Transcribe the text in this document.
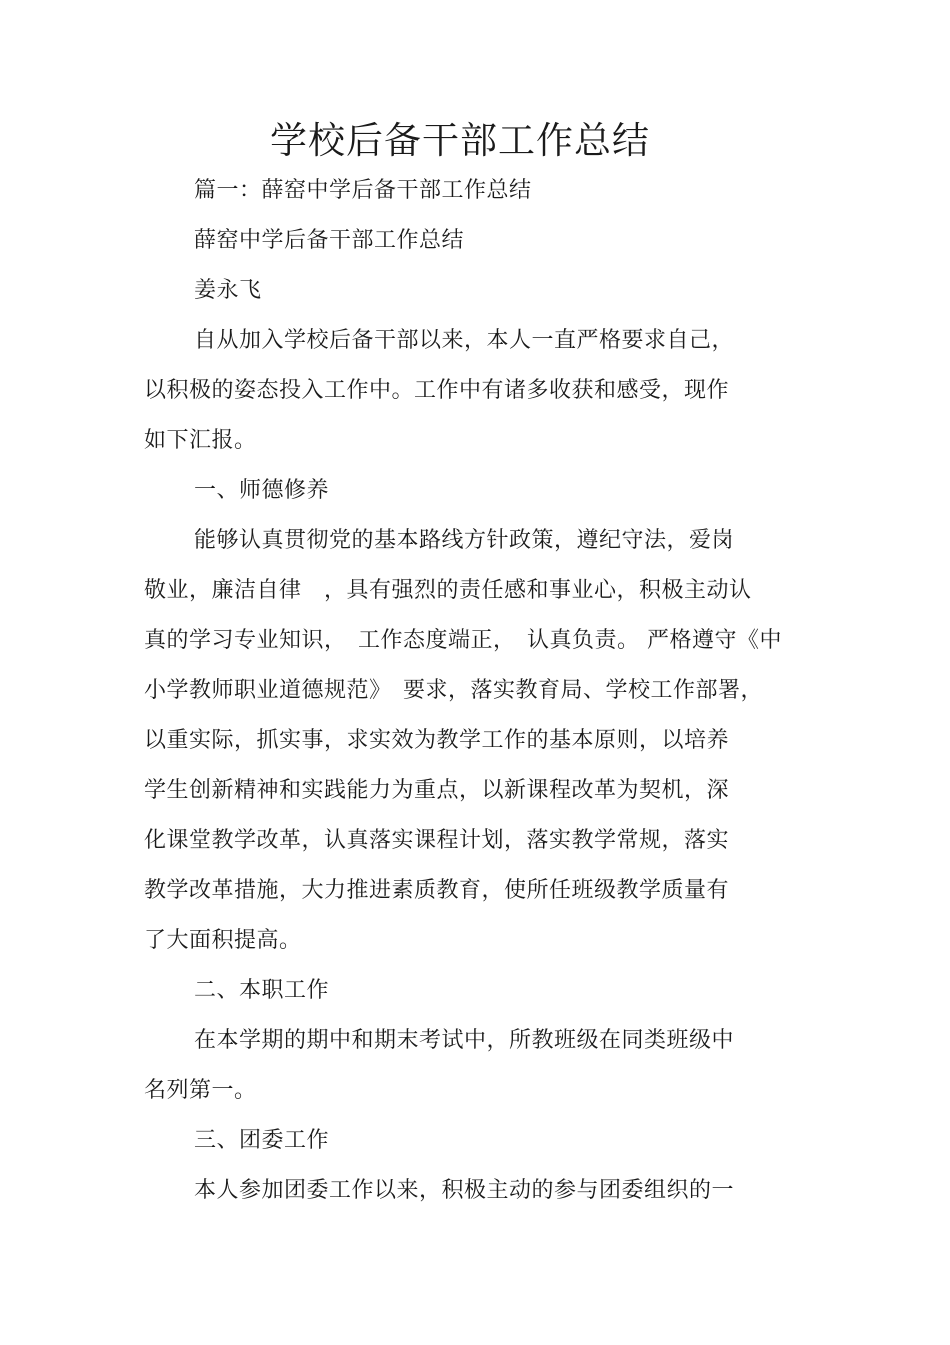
学校后备干部工作总结
篇一：薛窑中学后备干部工作总结
薛窑中学后备干部工作总结
姜永飞
自从加入学校后备干部以来，本人一直严格要求自己，
以积极的姿态投入工作中。工作中有诸多收获和感受，现作
如下汇报。
一、师德修养
能够认真贯彻党的基本路线方针政策，遵纪守法，爱岗
敬业，廉洁自律　，具有强烈的责任感和事业心，积极主动认
真的学习专业知识，　工作态度端正，　认真负责。 严格遵守《中
小学教师职业道德规范》　要求，落实教育局、学校工作部署，
以重实际，抓实事，求实效为教学工作的基本原则，以培养
学生创新精神和实践能力为重点，以新课程改革为契机，深
化课堂教学改革，认真落实课程计划，落实教学常规，落实
教学改革措施，大力推进素质教育，使所任班级教学质量有
了大面积提高。
二、本职工作
在本学期的期中和期末考试中，所教班级在同类班级中
名列第一。
三、团委工作
本人参加团委工作以来，积极主动的参与团委组织的一
